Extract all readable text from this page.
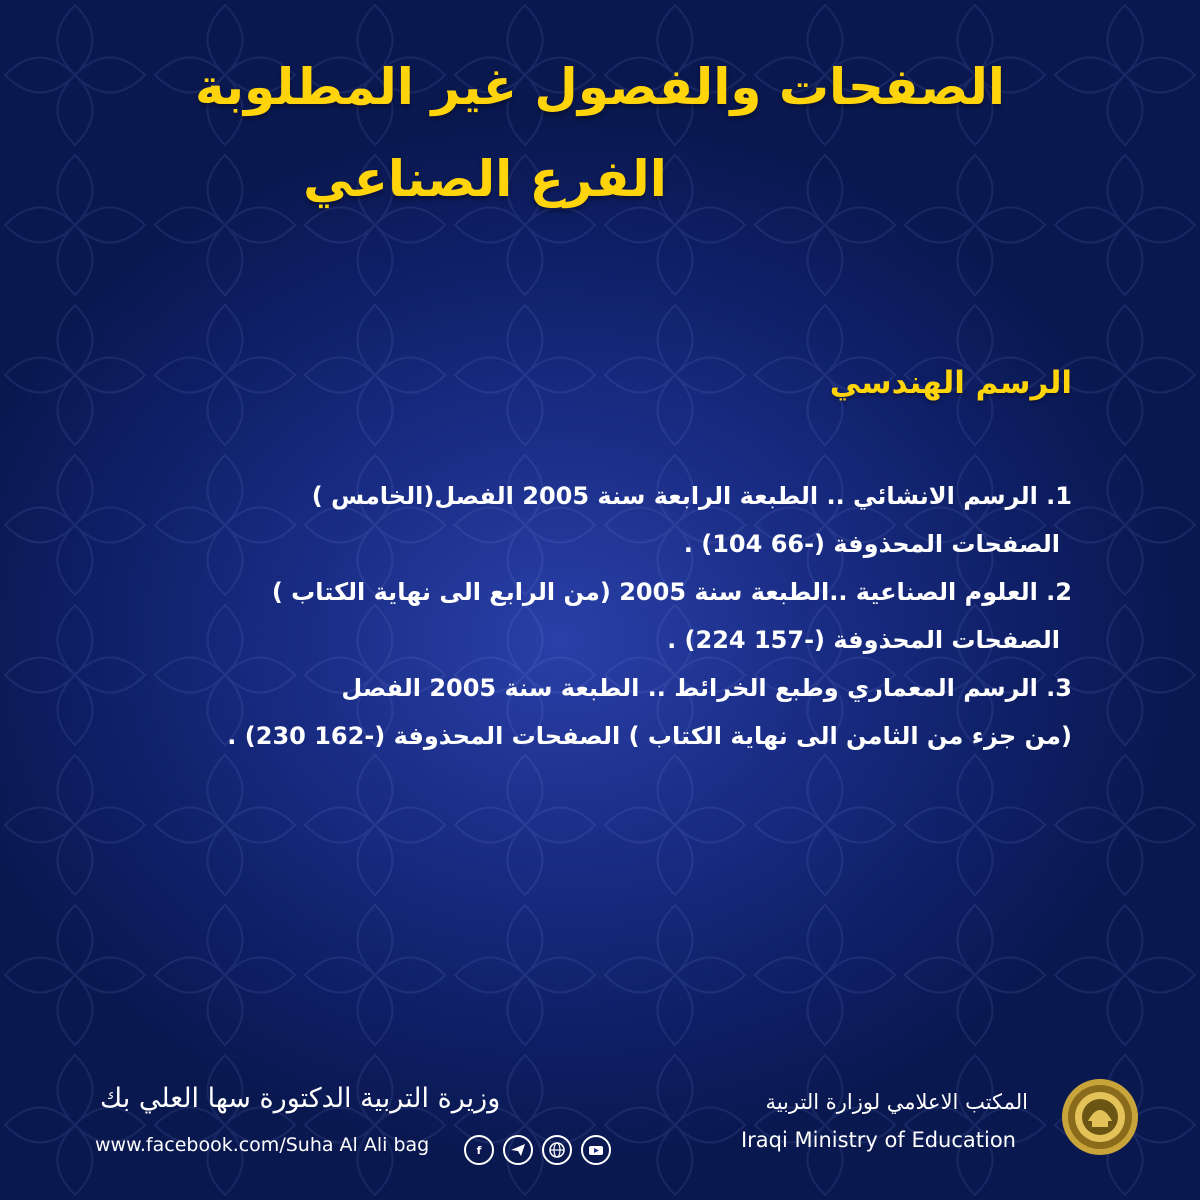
الصفحات والفصول غير المطلوبة
الفرع الصناعي
الرسم الهندسي
1. الرسم الانشائي .. الطبعة الرابعة سنة 2005 الفصل(الخامس )
الصفحات المحذوفة (-66 104) .
2. العلوم الصناعية ..الطبعة سنة 2005 (من الرابع الى نهاية الكتاب )
الصفحات المحذوفة (-157 224) .
3. الرسم المعماري وطبع الخرائط .. الطبعة سنة 2005 الفصل
(من جزء من الثامن الى نهاية الكتاب ) الصفحات المحذوفة (-162 230) .
وزيرة التربية الدكتورة سها العلي بك
www.facebook.com/Suha Al Ali bag	f
المكتب الاعلامي لوزارة التربية
Iraqi Ministry of Education
